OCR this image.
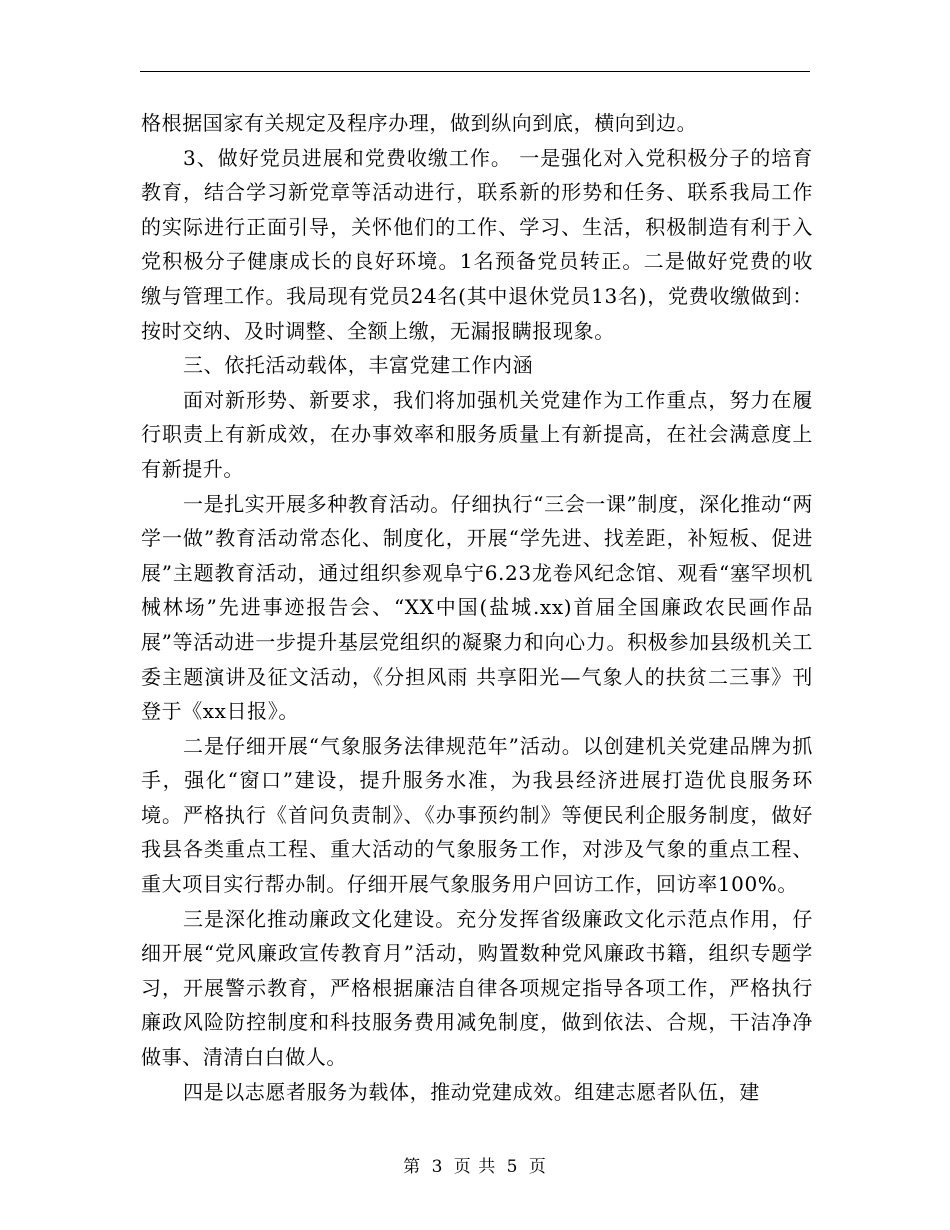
格根据国家有关规定及程序办理，做到纵向到底，横向到边。

3、做好党员进展和党费收缴工作。 一是强化对入党积极分子的培育教育，结合学习新党章等活动进行，联系新的形势和任务、联系我局工作的实际进行正面引导，关怀他们的工作、学习、生活，积极制造有利于入党积极分子健康成长的良好环境。1名预备党员转正。二是做好党费的收缴与管理工作。我局现有党员24名(其中退休党员13名)，党费收缴做到：按时交纳、及时调整、全额上缴，无漏报瞒报现象。

三、依托活动载体，丰富党建工作内涵

面对新形势、新要求，我们将加强机关党建作为工作重点，努力在履行职责上有新成效，在办事效率和服务质量上有新提高，在社会满意度上有新提升。

一是扎实开展多种教育活动。仔细执行“三会一课”制度，深化推动“两学一做”教育活动常态化、制度化，开展“学先进、找差距，补短板、促进展”主题教育活动，通过组织参观阜宁6.23龙卷风纪念馆、观看“塞罕坝机械林场”先进事迹报告会、“XX中国(盐城.xx)首届全国廉政农民画作品展”等活动进一步提升基层党组织的凝聚力和向心力。积极参加县级机关工委主题演讲及征文活动，《分担风雨 共享阳光—气象人的扶贫二三事》刊登于《xx日报》。

二是仔细开展“气象服务法律规范年”活动。以创建机关党建品牌为抓手，强化“窗口”建设，提升服务水准，为我县经济进展打造优良服务环境。严格执行《首问负责制》、《办事预约制》等便民利企服务制度，做好我县各类重点工程、重大活动的气象服务工作，对涉及气象的重点工程、重大项目实行帮办制。仔细开展气象服务用户回访工作，回访率100%。

三是深化推动廉政文化建设。充分发挥省级廉政文化示范点作用，仔细开展“党风廉政宣传教育月”活动，购置数种党风廉政书籍，组织专题学习，开展警示教育，严格根据廉洁自律各项规定指导各项工作，严格执行廉政风险防控制度和科技服务费用减免制度，做到依法、合规，干洁净净做事、清清白白做人。

四是以志愿者服务为载体，推动党建成效。组建志愿者队伍，建

第 3 页 共 5 页
